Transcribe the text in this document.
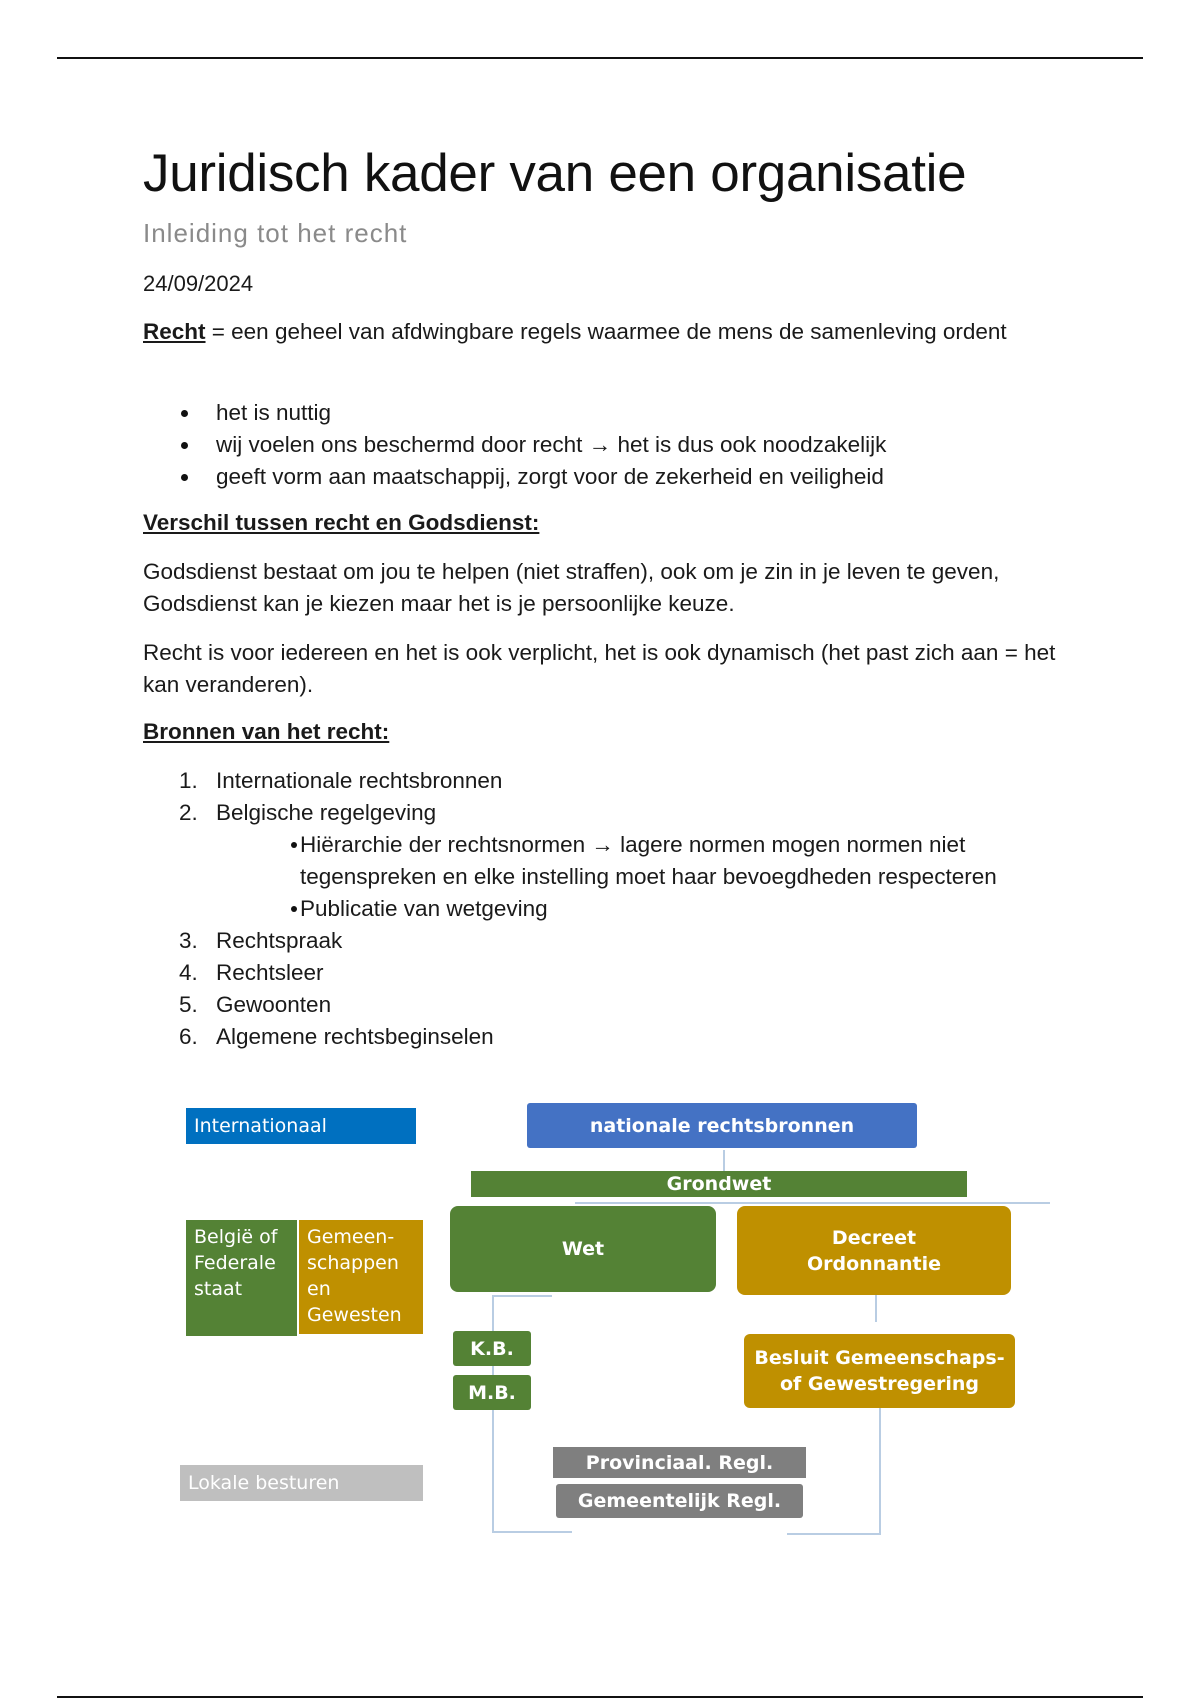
Juridisch kader van een organisatie
Inleiding tot het recht
24/09/2024

Recht = een geheel van afdwingbare regels waarmee de mens de samenleving ordent

het is nuttig
wij voelen ons beschermd door recht → het is dus ook noodzakelijk
geeft vorm aan maatschappij, zorgt voor de zekerheid en veiligheid
Verschil tussen recht en Godsdienst:

Godsdienst bestaat om jou te helpen (niet straffen), ook om je zin in je leven te geven, Godsdienst kan je kiezen maar het is je persoonlijke keuze.

Recht is voor iedereen en het is ook verplicht, het is ook dynamisch (het past zich aan = het kan veranderen).

Bronnen van het recht:
1. Internationale rechtsbronnen
2. Belgische regelgeving
Hiërarchie der rechtsnormen → lagere normen mogen normen niet tegenspreken en elke instelling moet haar bevoegdheden respecteren
Publicatie van wetgeving
3. Rechtspraak
4. Rechtsleer
5. Gewoonten
6. Algemene rechtsbeginselen
Internationaal	nationale rechtsbronnen
Grondwet
België of Federale staat
Gemeen- schappen en Gewesten
Wet
Decreet
Ordonnantie
K.B.
M.B.
Besluit Gemeenschaps-
of Gewestregering
Lokale besturen
Provinciaal. Regl.
Gemeentelijk Regl.
